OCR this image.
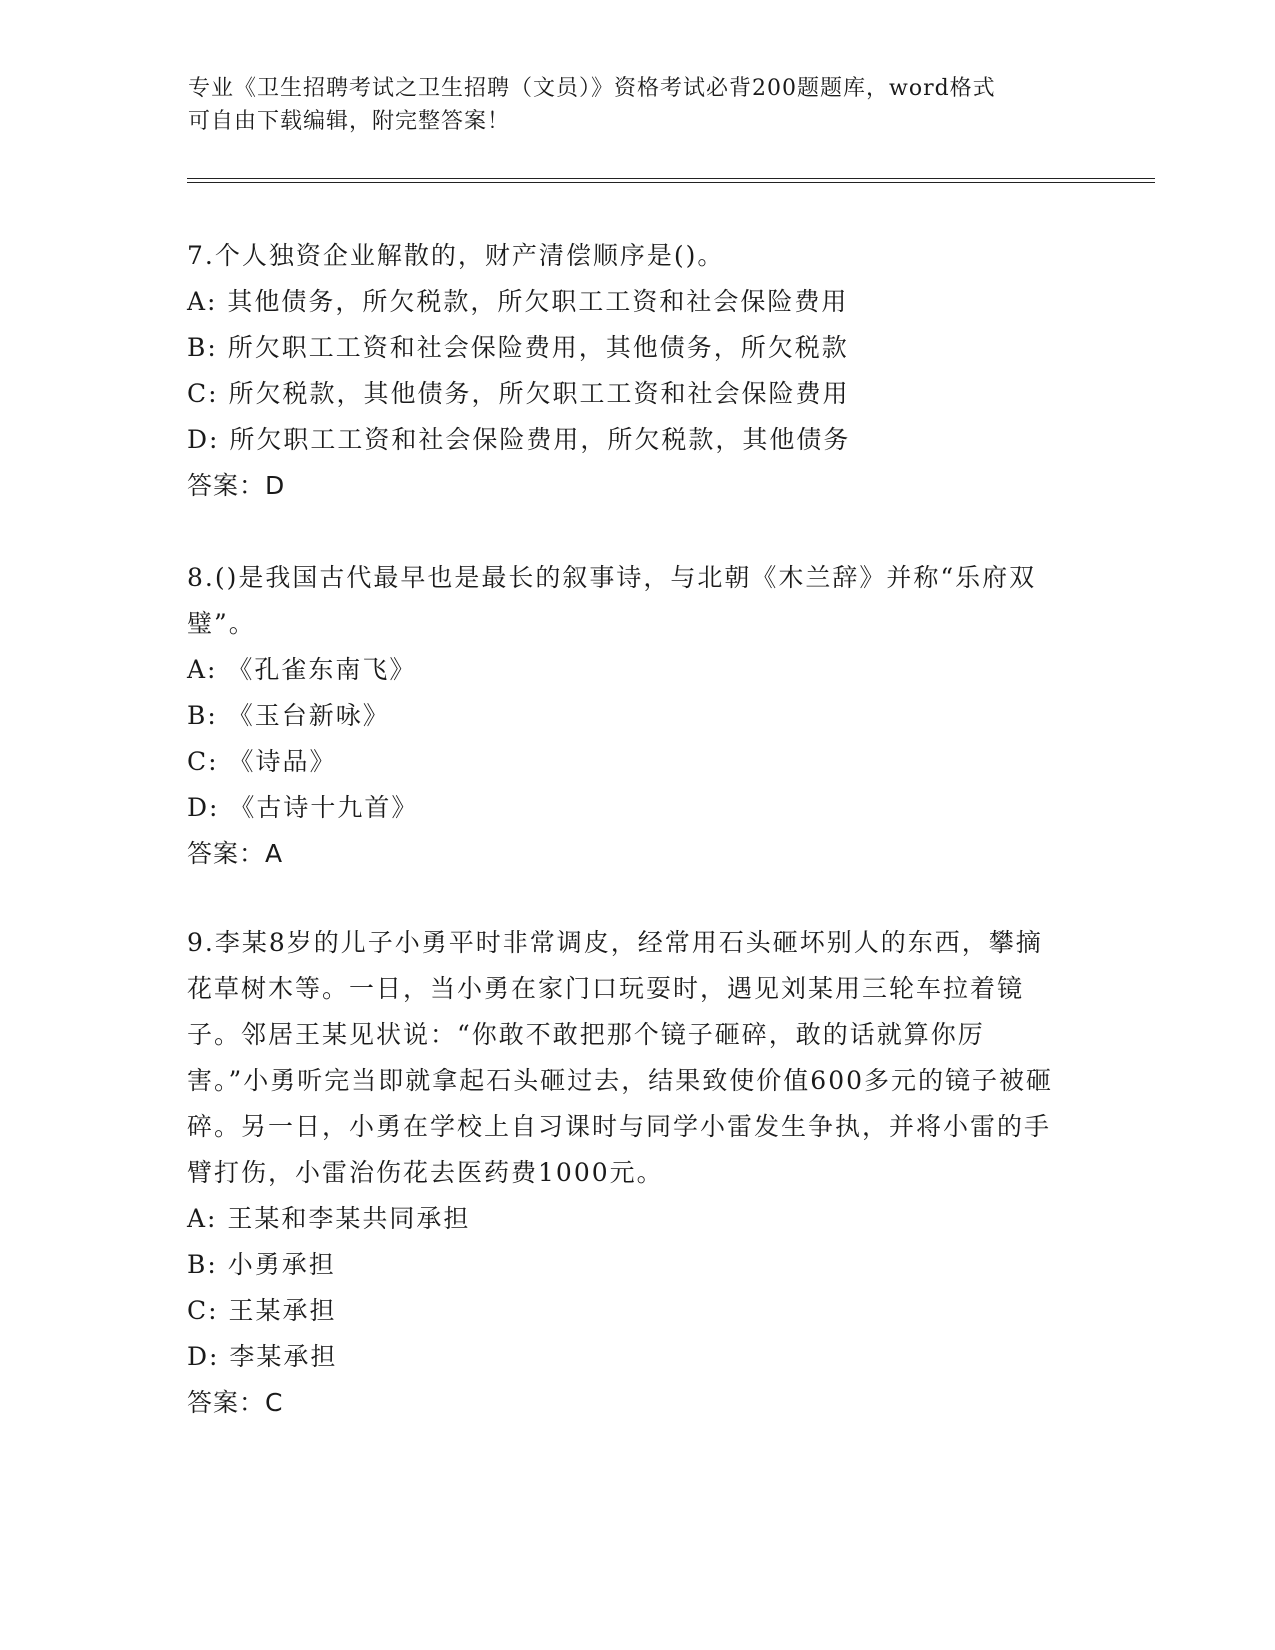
专业《卫生招聘考试之卫生招聘（文员）》资格考试必背200题题库，word格式
可自由下载编辑，附完整答案！
7.个人独资企业解散的，财产清偿顺序是()。
A: 其他债务，所欠税款，所欠职工工资和社会保险费用
B: 所欠职工工资和社会保险费用，其他债务，所欠税款
C: 所欠税款，其他债务，所欠职工工资和社会保险费用
D: 所欠职工工资和社会保险费用，所欠税款，其他债务
答案：D
8.()是我国古代最早也是最长的叙事诗，与北朝《木兰辞》并称“乐府双璧”。
A: 《孔雀东南飞》
B: 《玉台新咏》
C: 《诗品》
D: 《古诗十九首》
答案：A
9.李某8岁的儿子小勇平时非常调皮，经常用石头砸坏别人的东西，攀摘花草树木等。一日，当小勇在家门口玩耍时，遇见刘某用三轮车拉着镜子。邻居王某见状说：“你敢不敢把那个镜子砸碎，敢的话就算你厉害。”小勇听完当即就拿起石头砸过去，结果致使价值600多元的镜子被砸碎。另一日，小勇在学校上自习课时与同学小雷发生争执，并将小雷的手臂打伤，小雷治伤花去医药费1000元。
A: 王某和李某共同承担
B: 小勇承担
C: 王某承担
D: 李某承担
答案：C
